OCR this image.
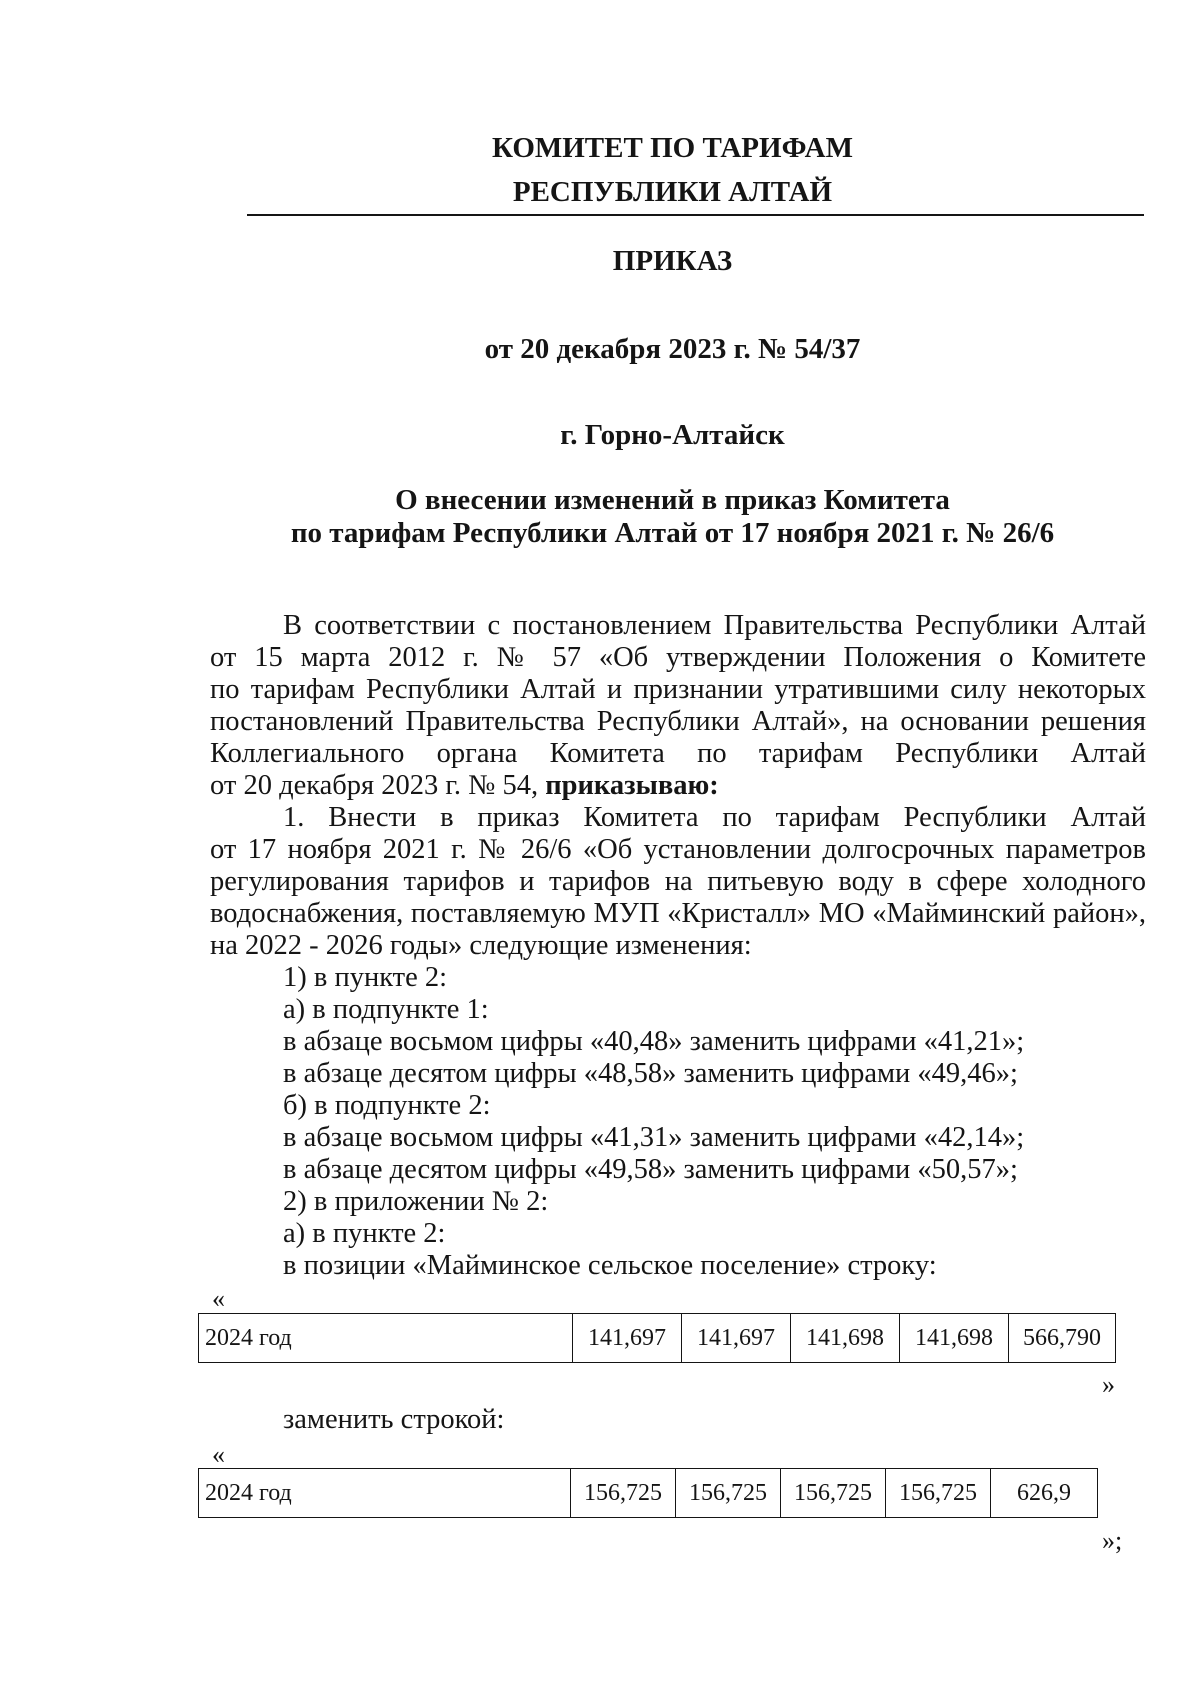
КОМИТЕТ ПО ТАРИФАМ
РЕСПУБЛИКИ АЛТАЙ
ПРИКАЗ
от 20 декабря 2023 г. № 54/37
г. Горно-Алтайск
О внесении изменений в приказ Комитета
по тарифам Республики Алтай от 17 ноября 2021 г. № 26/6
В соответствии с постановлением Правительства Республики Алтай
от 15 марта 2012 г. № 57 «Об утверждении Положения о Комитете
по тарифам Республики Алтай и признании утратившими силу некоторых
постановлений Правительства Республики Алтай», на основании решения
Коллегиального органа Комитета по тарифам Республики Алтай
от 20 декабря 2023 г. № 54, приказываю:
1. Внести в приказ Комитета по тарифам Республики Алтай
от 17 ноября 2021 г. № 26/6 «Об установлении долгосрочных параметров
регулирования тарифов и тарифов на питьевую воду в сфере холодного
водоснабжения, поставляемую МУП «Кристалл» МО «Майминский район»,
на 2022 - 2026 годы» следующие изменения:
1) в пункте 2:
а) в подпункте 1:
в абзаце восьмом цифры «40,48» заменить цифрами «41,21»;
в абзаце десятом цифры «48,58» заменить цифрами «49,46»;
б) в подпункте 2:
в абзаце восьмом цифры «41,31» заменить цифрами «42,14»;
в абзаце десятом цифры «49,58» заменить цифрами «50,57»;
2) в приложении № 2:
а) в пункте 2:
в позиции «Майминское сельское поселение» строку:
«
2024 год	141,697	141,697	141,698	141,698	566,790
»
заменить строкой:
«
2024 год	156,725	156,725	156,725	156,725	626,9
»;
